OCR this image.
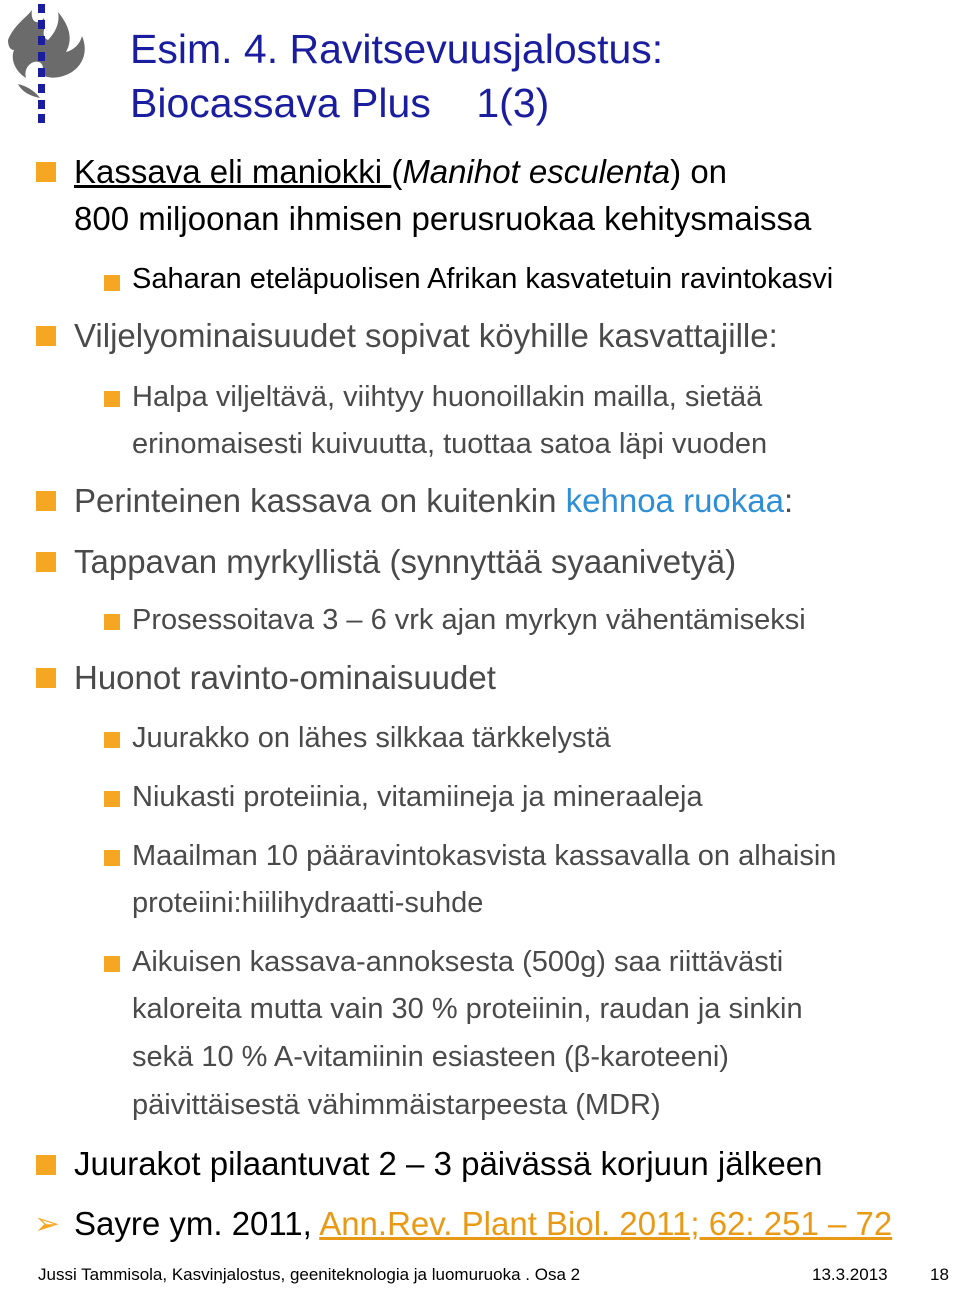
Esim. 4. Ravitsevuusjalostus:
Biocassava Plus    1(3)
Kassava eli maniokki (Manihot esculenta) on
800 miljoonan ihmisen perusruokaa kehitysmaissa
Saharan eteläpuolisen Afrikan kasvatetuin ravintokasvi
Viljelyominaisuudet sopivat köyhille kasvattajille:
Halpa viljeltävä, viihtyy huonoillakin mailla, sietää
erinomaisesti kuivuutta, tuottaa satoa läpi vuoden
Perinteinen kassava on kuitenkin kehnoa ruokaa:
Tappavan myrkyllistä (synnyttää syaanivetyä)
Prosessoitava 3 – 6 vrk ajan myrkyn vähentämiseksi
Huonot ravinto-ominaisuudet
Juurakko on lähes silkkaa tärkkelystä
Niukasti proteiinia, vitamiineja ja mineraaleja
Maailman 10 pääravintokasvista kassavalla on alhaisin
proteiini:hiilihydraatti-suhde
Aikuisen kassava-annoksesta (500g) saa riittävästi
kaloreita mutta vain 30 % proteiinin, raudan ja sinkin
sekä 10 % A-vitamiinin esiasteen (β-karoteeni)
päivittäisestä vähimmäistarpeesta (MDR)
Juurakot pilaantuvat 2 – 3 päivässä korjuun jälkeen
➢ Sayre ym. 2011, Ann.Rev. Plant Biol. 2011; 62: 251 – 72
Jussi Tammisola, Kasvinjalostus, geeniteknologia ja luomuruoka . Osa 2	13.3.2013 18
